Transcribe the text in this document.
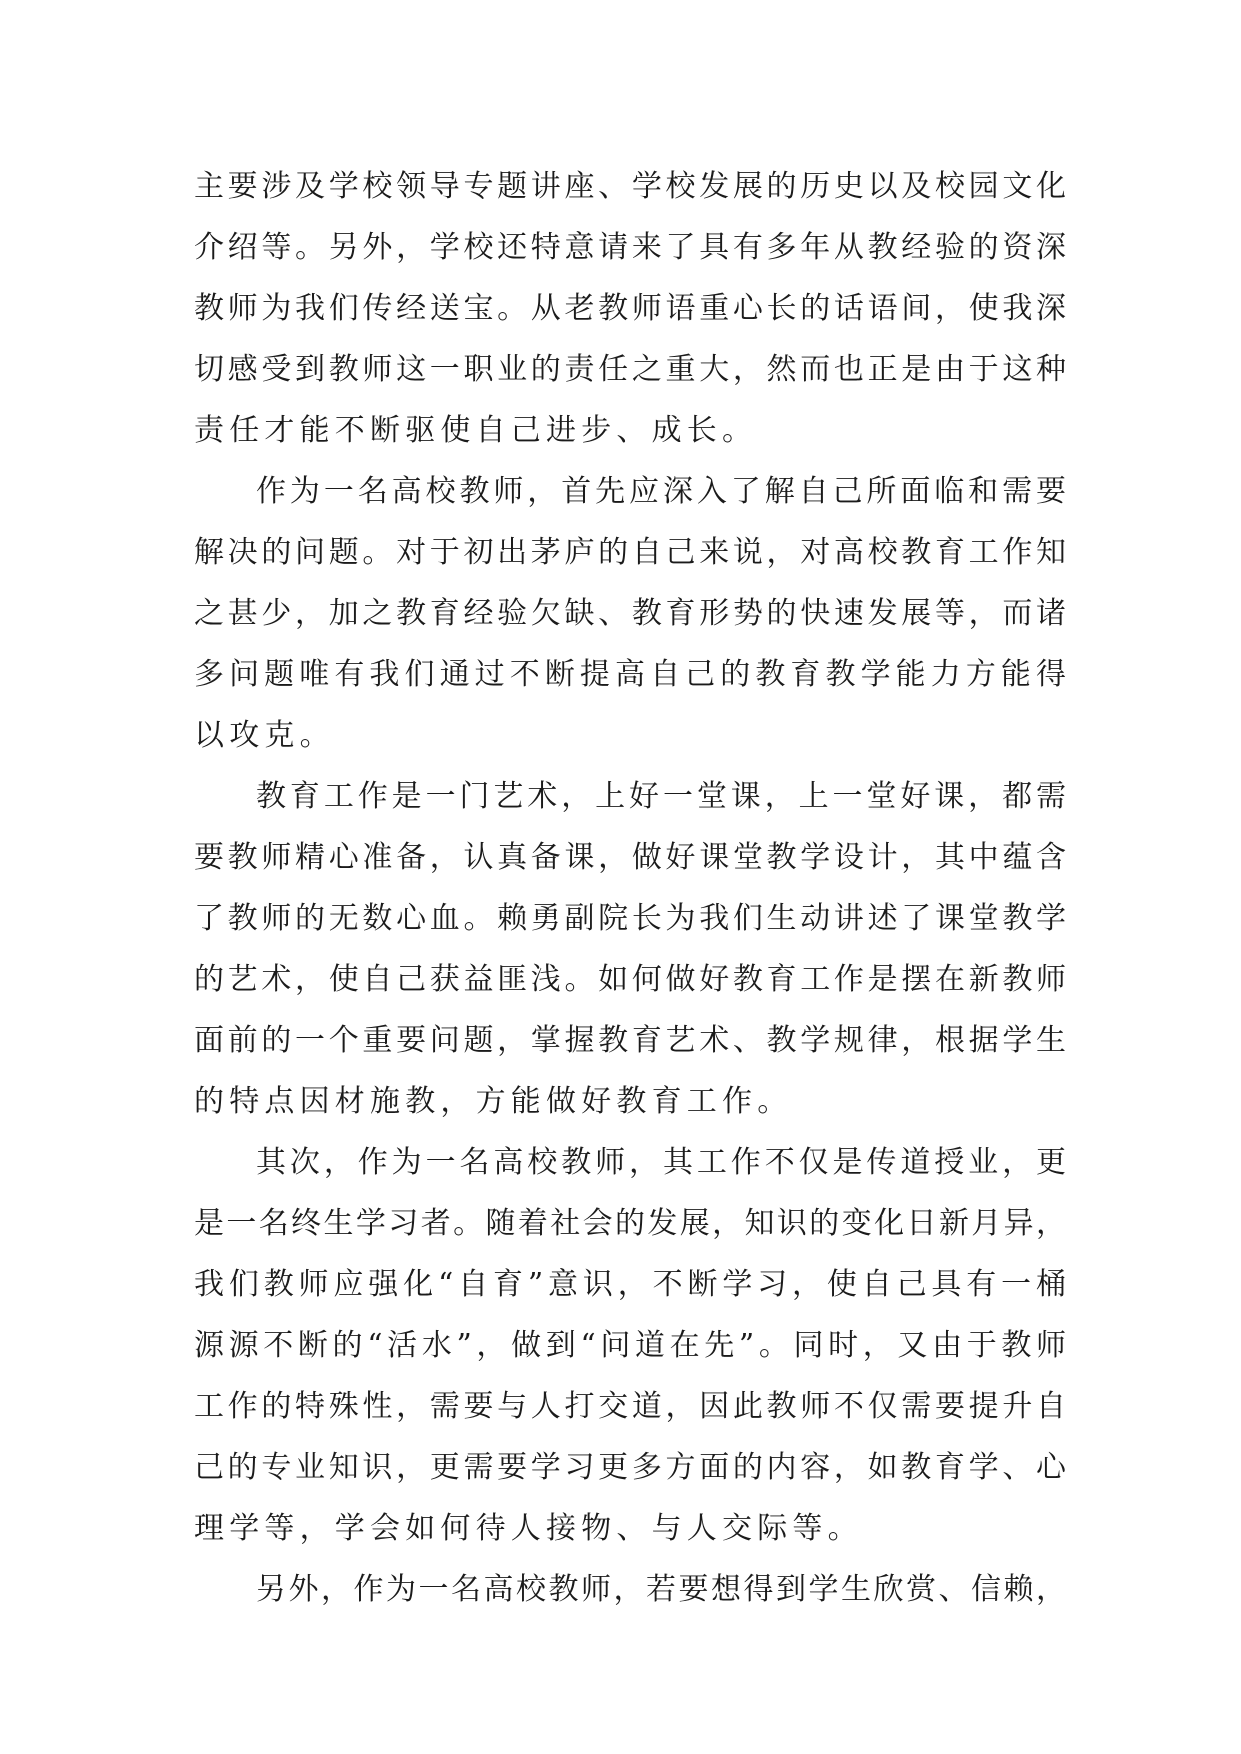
主要涉及学校领导专题讲座、学校发展的历史以及校园文化
介绍等。另外，学校还特意请来了具有多年从教经验的资深
教师为我们传经送宝。从老教师语重心长的话语间，使我深
切感受到教师这一职业的责任之重大，然而也正是由于这种
责任才能不断驱使自己进步、成长。
作为一名高校教师，首先应深入了解自己所面临和需要
解决的问题。对于初出茅庐的自己来说，对高校教育工作知
之甚少，加之教育经验欠缺、教育形势的快速发展等，而诸
多问题唯有我们通过不断提高自己的教育教学能力方能得
以攻克。
教育工作是一门艺术，上好一堂课，上一堂好课，都需
要教师精心准备，认真备课，做好课堂教学设计，其中蕴含
了教师的无数心血。赖勇副院长为我们生动讲述了课堂教学
的艺术，使自己获益匪浅。如何做好教育工作是摆在新教师
面前的一个重要问题，掌握教育艺术、教学规律，根据学生
的特点因材施教，方能做好教育工作。
其次，作为一名高校教师，其工作不仅是传道授业，更
是一名终生学习者。随着社会的发展，知识的变化日新月异，
我们教师应强化“自育”意识，不断学习，使自己具有一桶
源源不断的“活水”，做到“问道在先”。同时，又由于教师
工作的特殊性，需要与人打交道，因此教师不仅需要提升自
己的专业知识，更需要学习更多方面的内容，如教育学、心
理学等，学会如何待人接物、与人交际等。
另外，作为一名高校教师，若要想得到学生欣赏、信赖，
